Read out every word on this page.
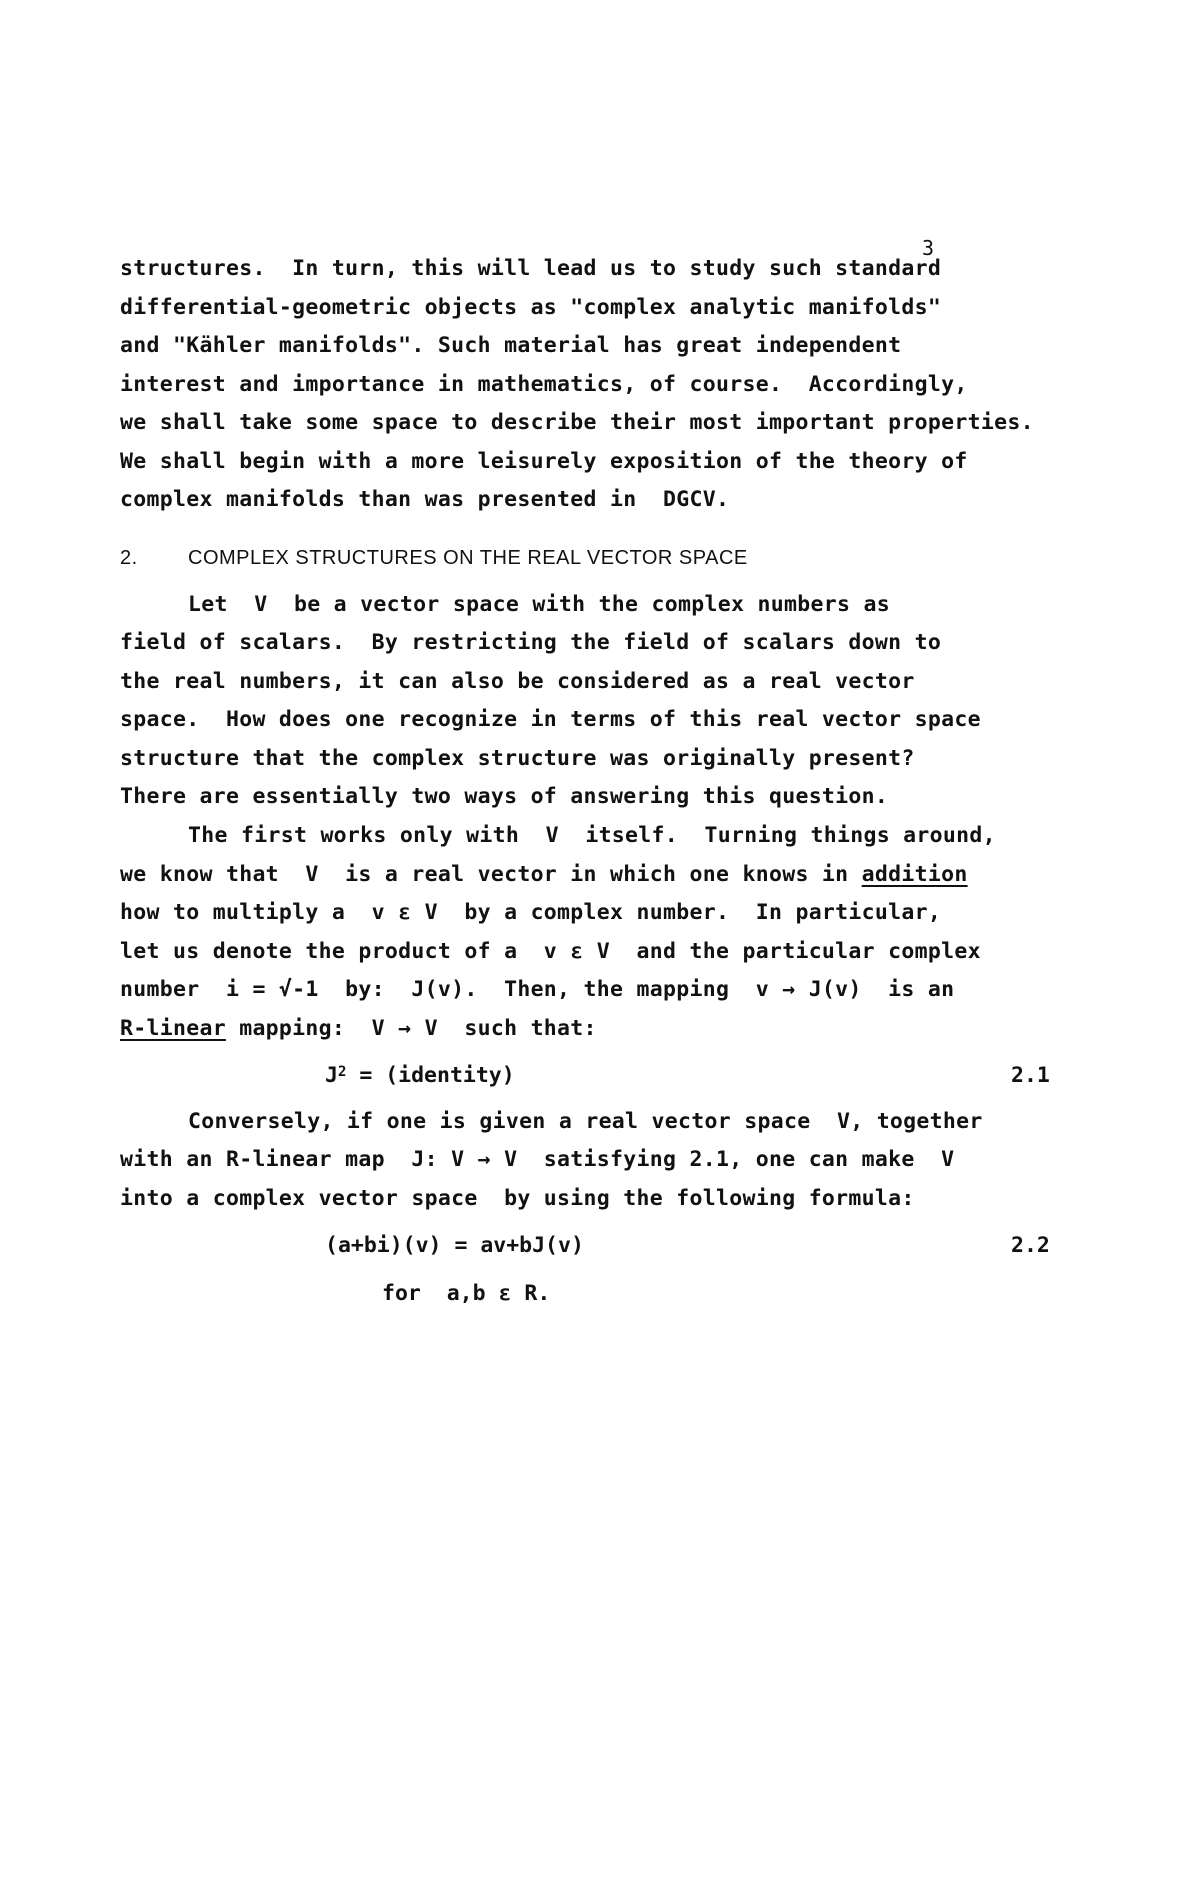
3
structures.  In turn, this will lead us to study such standard
differential-geometric objects as "complex analytic manifolds"
and "Kähler manifolds". Such material has great independent
interest and importance in mathematics, of course.  Accordingly,
we shall take some space to describe their most important properties.
We shall begin with a more leisurely exposition of the theory of
complex manifolds than was presented in  DGCV.
2.	COMPLEX STRUCTURES ON THE REAL VECTOR SPACE
Let  V  be a vector space with the complex numbers as
field of scalars.  By restricting the field of scalars down to
the real numbers, it can also be considered as a real vector
space.  How does one recognize in terms of this real vector space
structure that the complex structure was originally present?
There are essentially two ways of answering this question.
The first works only with  V  itself.  Turning things around,
we know that  V  is a real vector in which one knows in addition
how to multiply a  v ε V  by a complex number.  In particular,
let us denote the product of a  v ε V  and the particular complex
number  i = √-1  by:  J(v).  Then, the mapping  v → J(v)  is an
R-linear mapping:  V → V  such that:
$J^2$ = (identity)	2.1
Conversely, if one is given a real vector space  V, together
with an R-linear map  J: V → V  satisfying 2.1, one can make  V
into a complex vector space  by using the following formula:
(a+bi)(v) = av+bJ(v)	2.2
for  a,b ε R.
